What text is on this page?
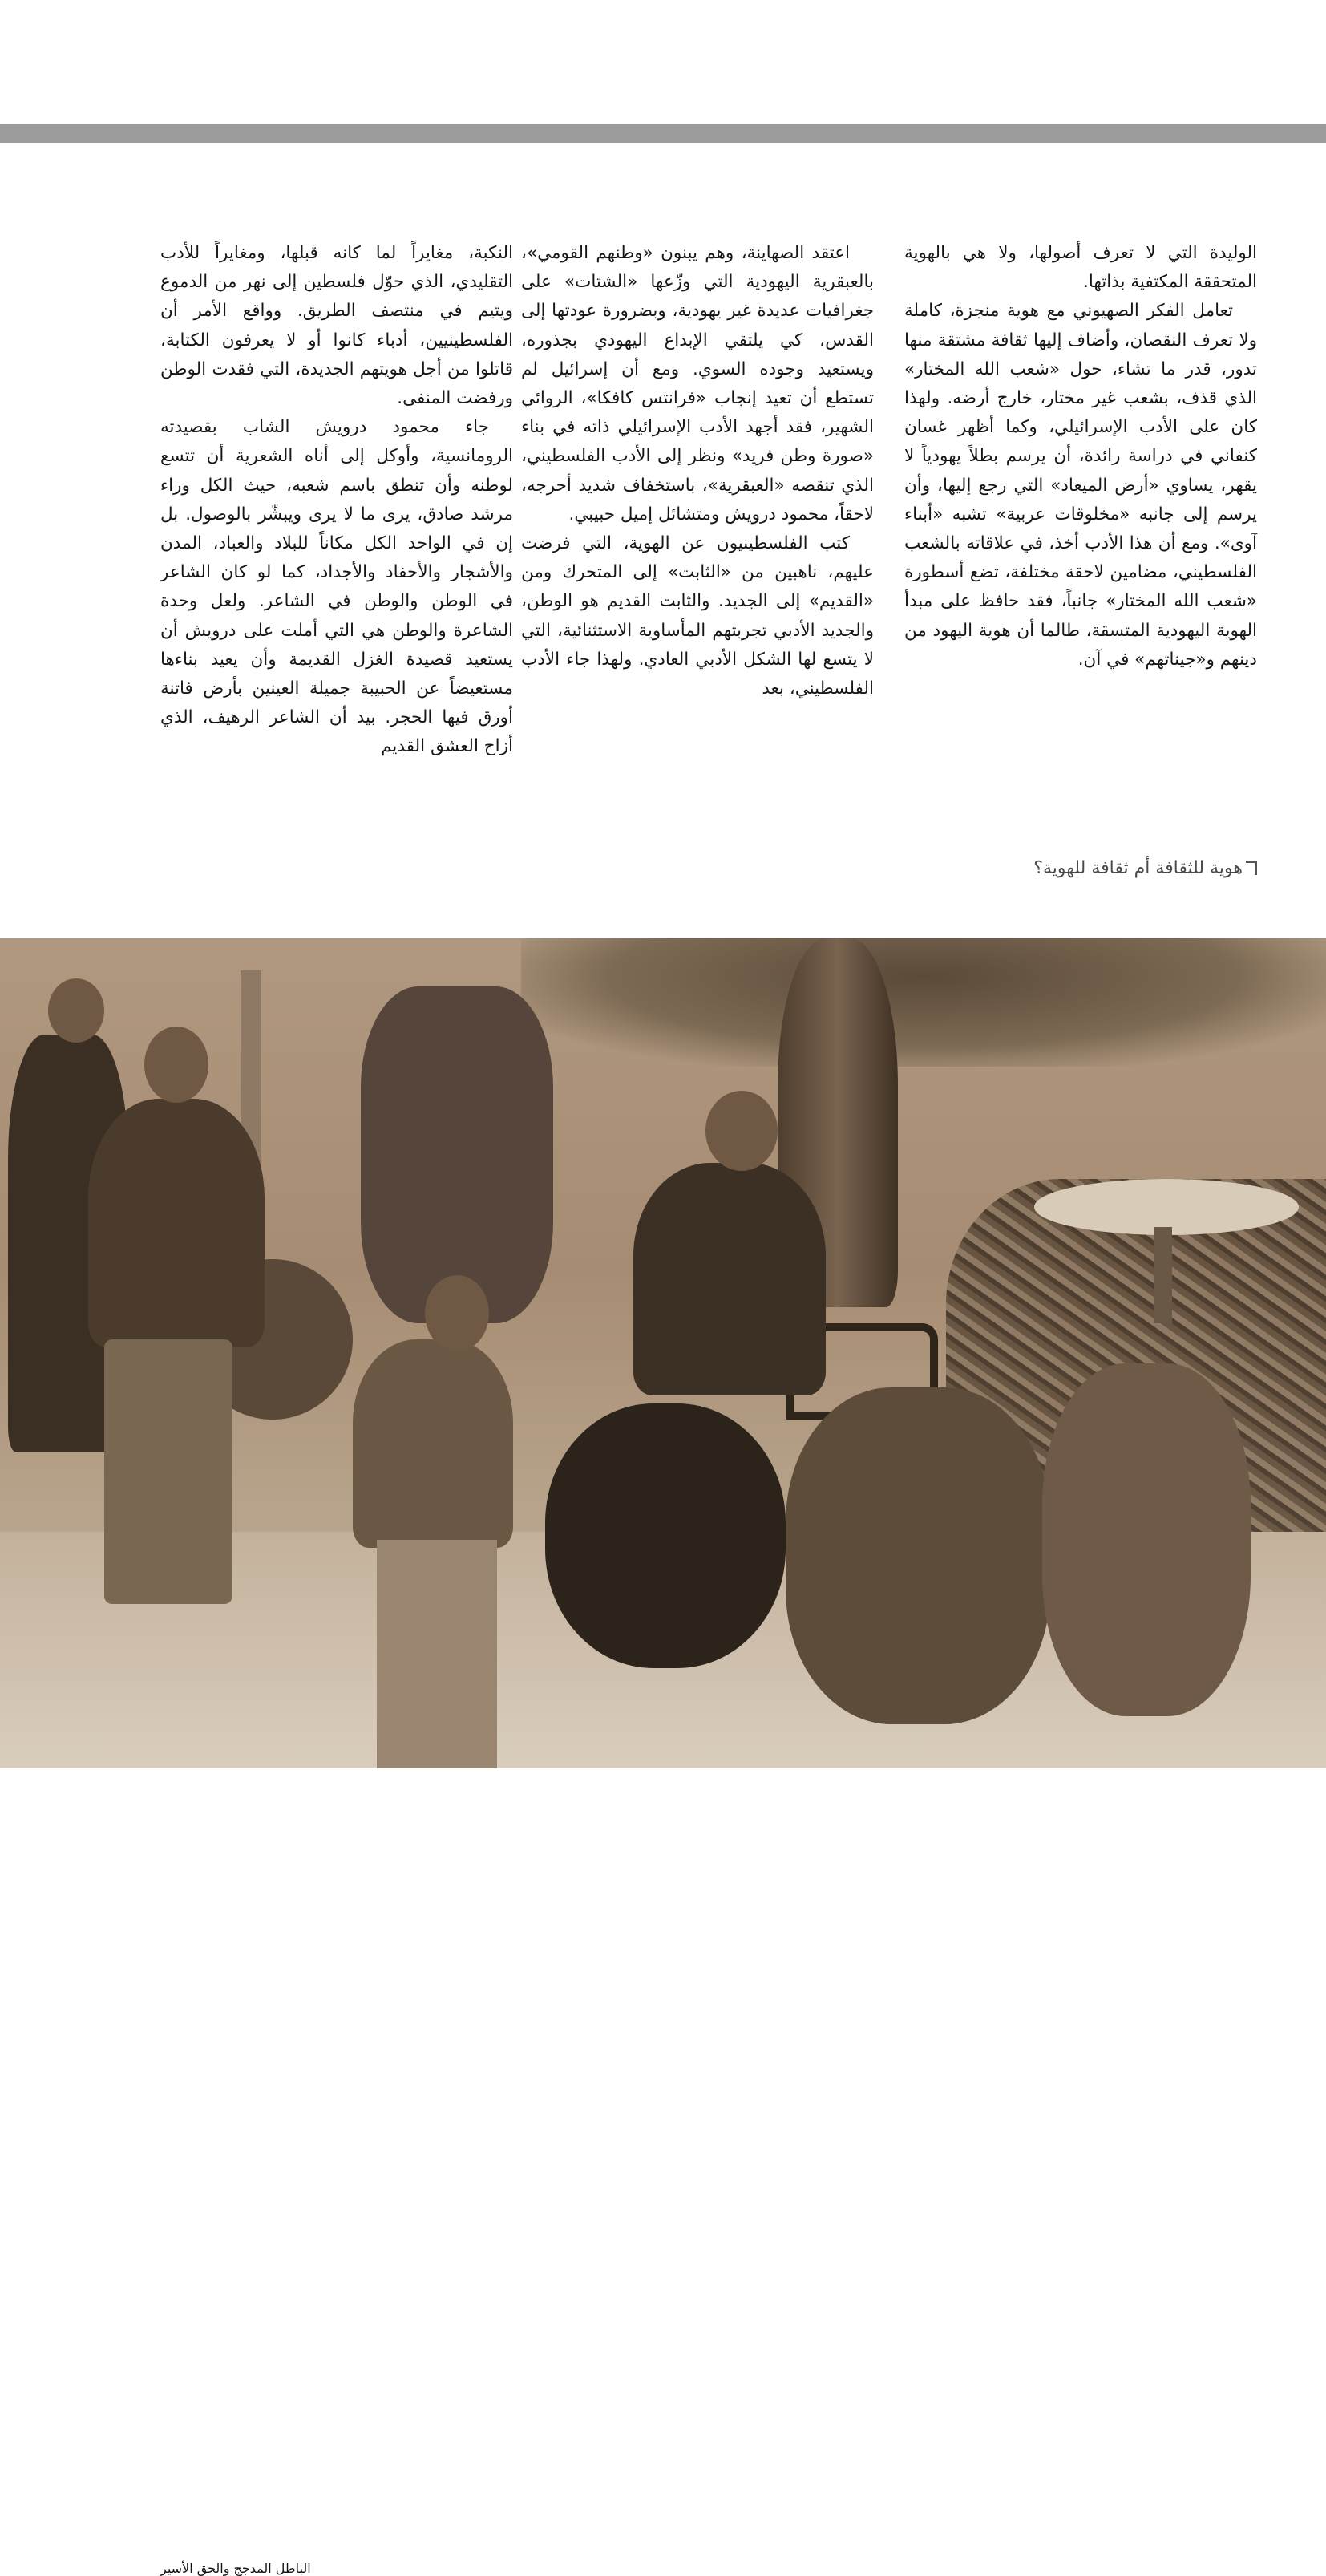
الوليدة التي لا تعرف أصولها، ولا هي بالهوية المتحققة المكتفية بذاتها.

تعامل الفكر الصهيوني مع هوية منجزة، كاملة ولا تعرف النقصان، وأضاف إليها ثقافة مشتقة منها تدور، قدر ما تشاء، حول «شعب الله المختار» الذي قذف، بشعب غير مختار، خارج أرضه. ولهذا كان على الأدب الإسرائيلي، وكما أظهر غسان كنفاني في دراسة رائدة، أن يرسم بطلاً يهودياً لا يقهر، يساوي «أرض الميعاد» التي رجع إليها، وأن يرسم إلى جانبه «مخلوقات عربية» تشبه «أبناء آوى». ومع أن هذا الأدب أخذ، في علاقاته بالشعب الفلسطيني، مضامين لاحقة مختلفة، تضع أسطورة «شعب الله المختار» جانباً، فقد حافظ على مبدأ الهوية اليهودية المتسقة، طالما أن هوية اليهود من دينهم و«جيناتهم» في آن.

اعتقد الصهاينة، وهم يبنون «وطنهم القومي»، بالعبقرية اليهودية التي وزّعها «الشتات» على جغرافيات عديدة غير يهودية، وبضرورة عودتها إلى القدس، كي يلتقي الإبداع اليهودي بجذوره، ويستعيد وجوده السوي. ومع أن إسرائيل لم تستطع أن تعيد إنجاب «فرانتس كافكا»، الروائي الشهير، فقد أجهد الأدب الإسرائيلي ذاته في بناء «صورة وطن فريد» ونظر إلى الأدب الفلسطيني، الذي تنقصه «العبقرية»، باستخفاف شديد أحرجه، لاحقاً، محمود درويش ومتشائل إميل حبيبي.

كتب الفلسطينيون عن الهوية، التي فرضت عليهم، ناهبين من «الثابت» إلى المتحرك ومن «القديم» إلى الجديد. والثابت القديم هو الوطن، والجديد الأدبي تجربتهم المأساوية الاستثنائية، التي لا يتسع لها الشكل الأدبي العادي. ولهذا جاء الأدب الفلسطيني، بعد

النكبة، مغايراً لما كانه قبلها، ومغايراً للأدب التقليدي، الذي حوّل فلسطين إلى نهر من الدموع ويتيم في منتصف الطريق. وواقع الأمر أن الفلسطينيين، أدباء كانوا أو لا يعرفون الكتابة، قاتلوا من أجل هويتهم الجديدة، التي فقدت الوطن ورفضت المنفى.

جاء محمود درويش الشاب بقصيدته الرومانسية، وأوكل إلى أناه الشعرية أن تتسع لوطنه وأن تنطق باسم شعبه، حيث الكل وراء مرشد صادق، يرى ما لا يرى ويبشّر بالوصول. بل إن في الواحد الكل مكاناً للبلاد والعباد، المدن والأشجار والأحفاد والأجداد، كما لو كان الشاعر في الوطن والوطن في الشاعر. ولعل وحدة الشاعرة والوطن هي التي أملت على درويش أن يستعيد قصيدة الغزل القديمة وأن يعيد بناءها مستعيضاً عن الحبيبة جميلة العينين بأرض فاتنة أورق فيها الحجر. بيد أن الشاعر الرهيف، الذي أزاح العشق القديم

هوية للثقافة أم ثقافة للهوية؟
الباطل المدجج والحق الأسير
